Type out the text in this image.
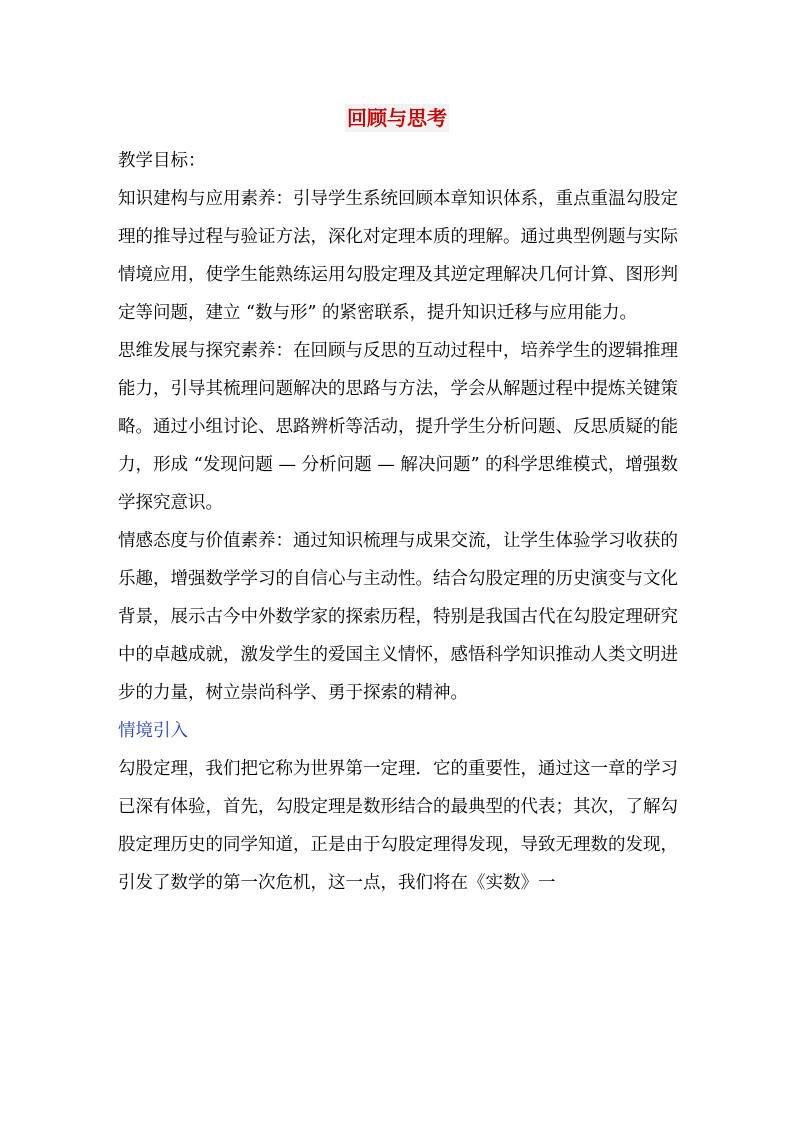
回顾与思考

教学目标：

知识建构与应用素养：引导学生系统回顾本章知识体系，重点重温勾股定理的推导过程与验证方法，深化对定理本质的理解。通过典型例题与实际情境应用，使学生能熟练运用勾股定理及其逆定理解决几何计算、图形判定等问题，建立 “数与形” 的紧密联系，提升知识迁移与应用能力。

思维发展与探究素养：在回顾与反思的互动过程中，培养学生的逻辑推理能力，引导其梳理问题解决的思路与方法，学会从解题过程中提炼关键策略。通过小组讨论、思路辨析等活动，提升学生分析问题、反思质疑的能力，形成 “发现问题 — 分析问题 — 解决问题” 的科学思维模式，增强数学探究意识。

情感态度与价值素养：通过知识梳理与成果交流，让学生体验学习收获的乐趣，增强数学学习的自信心与主动性。结合勾股定理的历史演变与文化背景，展示古今中外数学家的探索历程，特别是我国古代在勾股定理研究中的卓越成就，激发学生的爱国主义情怀，感悟科学知识推动人类文明进步的力量，树立崇尚科学、勇于探索的精神。

情境引入

勾股定理，我们把它称为世界第一定理．它的重要性，通过这一章的学习已深有体验，首先，勾股定理是数形结合的最典型的代表；其次，了解勾股定理历史的同学知道，正是由于勾股定理得发现，导致无理数的发现，引发了数学的第一次危机，这一点，我们将在《实数》一
